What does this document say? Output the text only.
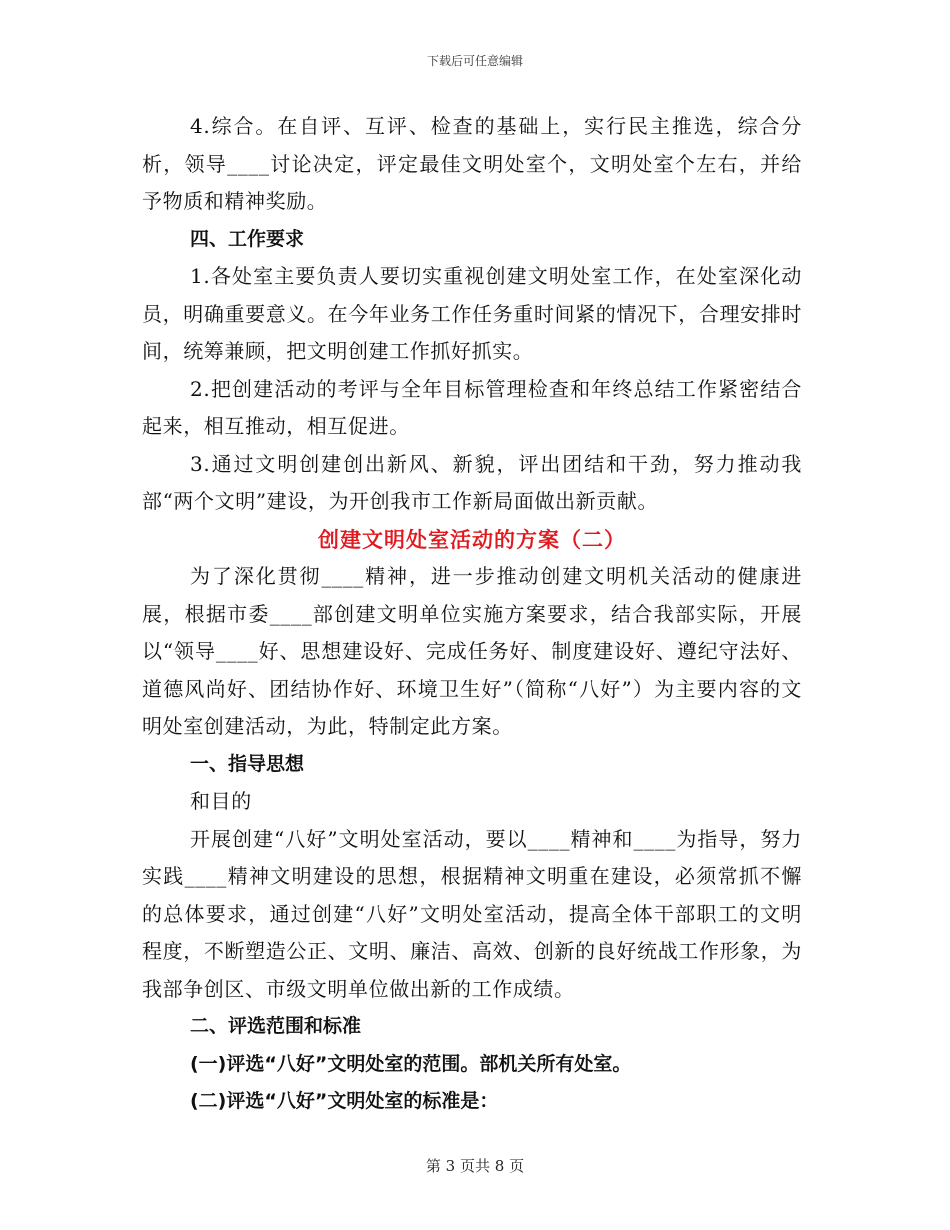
下载后可任意编辑

4.综合。在自评、互评、检查的基础上，实行民主推选，综合分析，领导____讨论决定，评定最佳文明处室个，文明处室个左右，并给予物质和精神奖励。

四、工作要求

1.各处室主要负责人要切实重视创建文明处室工作，在处室深化动员，明确重要意义。在今年业务工作任务重时间紧的情况下，合理安排时间，统筹兼顾，把文明创建工作抓好抓实。

2.把创建活动的考评与全年目标管理检查和年终总结工作紧密结合起来，相互推动，相互促进。

3.通过文明创建创出新风、新貌，评出团结和干劲，努力推动我部“两个文明”建设，为开创我市工作新局面做出新贡献。

创建文明处室活动的方案（二）

为了深化贯彻____精神，进一步推动创建文明机关活动的健康进展，根据市委____部创建文明单位实施方案要求，结合我部实际，开展以“领导____好、思想建设好、完成任务好、制度建设好、遵纪守法好、道德风尚好、团结协作好、环境卫生好”（简称“八好”）为主要内容的文明处室创建活动，为此，特制定此方案。

一、指导思想

和目的

开展创建“八好”文明处室活动，要以____精神和____为指导，努力实践____精神文明建设的思想，根据精神文明重在建设，必须常抓不懈的总体要求，通过创建“八好”文明处室活动，提高全体干部职工的文明程度，不断塑造公正、文明、廉洁、高效、创新的良好统战工作形象，为我部争创区、市级文明单位做出新的工作成绩。

二、评选范围和标准

(一)评选“八好”文明处室的范围。部机关所有处室。

(二)评选“八好”文明处室的标准是：

第 3 页共 8 页
